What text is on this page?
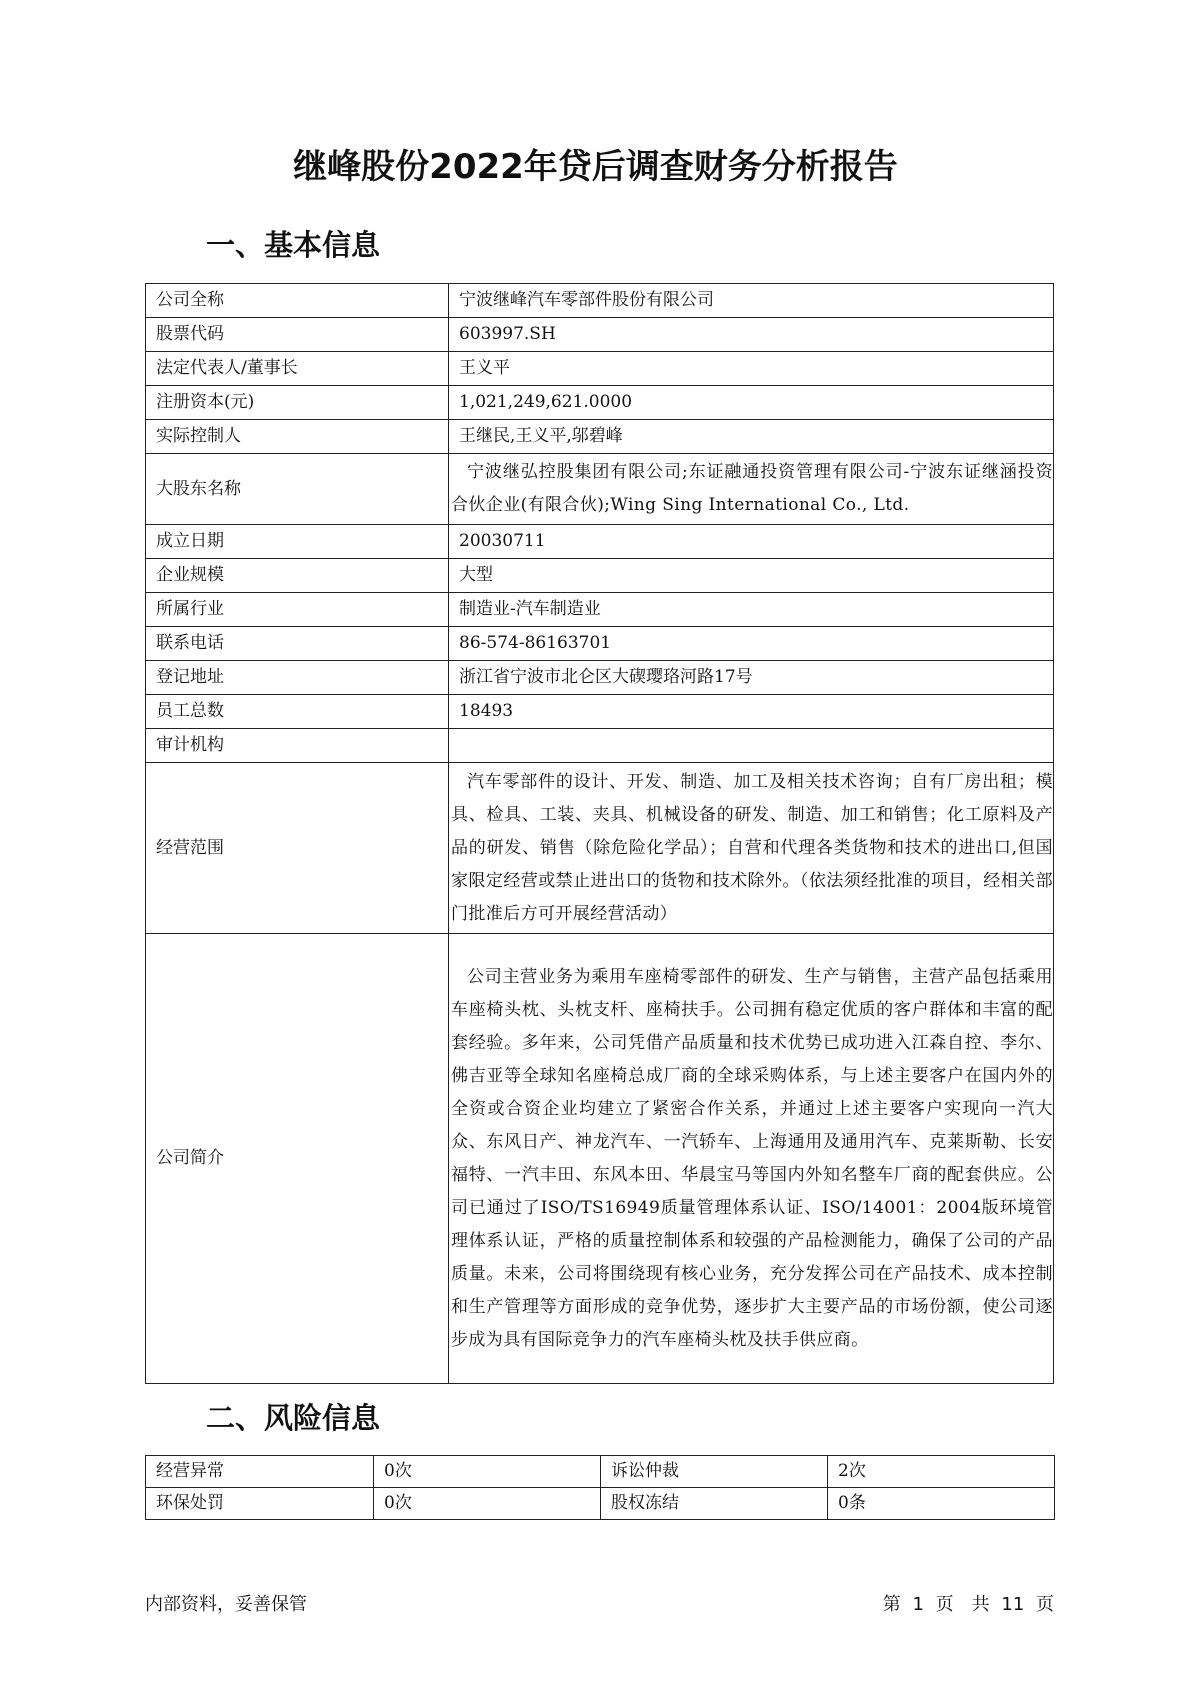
继峰股份2022年贷后调查财务分析报告
一、基本信息
公司全称	宁波继峰汽车零部件股份有限公司
股票代码	603997.SH
法定代表人/董事长	王义平
注册资本(元)	1,021,249,621.0000
实际控制人	王继民,王义平,邬碧峰
大股东名称	宁波继弘控股集团有限公司;东证融通投资管理有限公司-宁波东证继涵投资合伙企业(有限合伙);Wing Sing International Co., Ltd.
成立日期	20030711
企业规模	大型
所属行业	制造业-汽车制造业
联系电话	86-574-86163701
登记地址	浙江省宁波市北仑区大碶璎珞河路17号
员工总数	18493
审计机构	
经营范围	汽车零部件的设计、开发、制造、加工及相关技术咨询；自有厂房出租；模具、检具、工装、夹具、机械设备的研发、制造、加工和销售；化工原料及产品的研发、销售（除危险化学品）；自营和代理各类货物和技术的进出口,但国家限定经营或禁止进出口的货物和技术除外。（依法须经批准的项目，经相关部门批准后方可开展经营活动）
公司简介	公司主营业务为乘用车座椅零部件的研发、生产与销售，主营产品包括乘用车座椅头枕、头枕支杆、座椅扶手。公司拥有稳定优质的客户群体和丰富的配套经验。多年来，公司凭借产品质量和技术优势已成功进入江森自控、李尔、佛吉亚等全球知名座椅总成厂商的全球采购体系，与上述主要客户在国内外的全资或合资企业均建立了紧密合作关系，并通过上述主要客户实现向一汽大众、东风日产、神龙汽车、一汽轿车、上海通用及通用汽车、克莱斯勒、长安福特、一汽丰田、东风本田、华晨宝马等国内外知名整车厂商的配套供应。公司已通过了ISO/TS16949质量管理体系认证、ISO/14001：2004版环境管理体系认证，严格的质量控制体系和较强的产品检测能力，确保了公司的产品质量。未来，公司将围绕现有核心业务，充分发挥公司在产品技术、成本控制和生产管理等方面形成的竞争优势，逐步扩大主要产品的市场份额，使公司逐步成为具有国际竞争力的汽车座椅头枕及扶手供应商。
二、风险信息
经营异常	0次	诉讼仲裁	2次
环保处罚	0次	股权冻结	0条
内部资料，妥善保管	第 1 页　共 11 页
